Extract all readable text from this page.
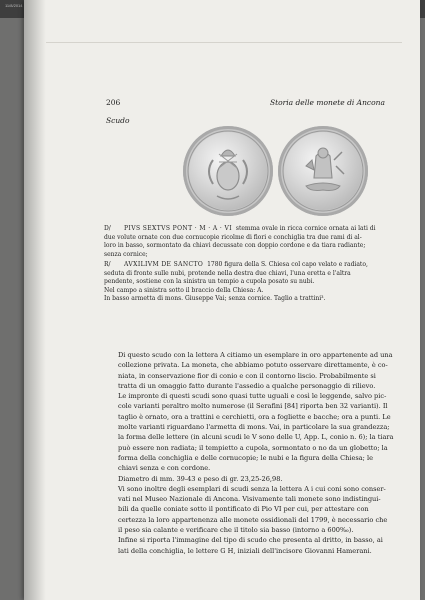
11/8/2014
206	Storia delle monete di Ancona
Scudo
D/ PIVS SEXTVS PONT · M · A · VI stemma ovale in ricca cornice ornata ai lati di
due volute ornate con due cornucopie ricolme di fiori e conchiglia tra due rami di al-
loro in basso, sormontato da chiavi decussate con doppio cordone e da tiara radiante;
senza cornice;
R/ AVXILIVM DE SANCTO 1780 figura della S. Chiesa col capo velato e radiato,
seduta di fronte sulle nubi, protende nella destra due chiavi, l'una eretta e l'altra
pendente, sostiene con la sinistra un tempio a cupola posato su nubi.
Nel campo a sinistra sotto il braccio della Chiesa: A.
In basso armetta di mons. Giuseppe Vai; senza cornice. Taglio a trattini³.

Di questo scudo con la lettera A citiamo un esemplare in oro appartenente ad una

collezione privata. La moneta, che abbiamo potuto osservare direttamente, è co-

niata, in conservazione fior di conio e con il contorno liscio. Probabilmente si

tratta di un omaggio fatto durante l'assedio a qualche personaggio di rilievo.

Le impronte di questi scudi sono quasi tutte uguali e così le leggende, salvo pic-

cole varianti peraltro molto numerose (il Serafini [84] riporta ben 32 varianti). Il

taglio è ornato, ora a trattini e cerchietti, ora a fogliette e bacche; ora a punti. Le

molte varianti riguardano l'armetta di mons. Vai, in particolare la sua grandezza;

la forma delle lettere (in alcuni scudi le V sono delle U, App. L, conio n. 6); la tiara

può essere non radiata; il tempietto a cupola, sormontato o no da un globetto; la

forma della conchiglia e delle cornucopie; le nubi e la figura della Chiesa; le

chiavi senza e con cordone.

Diametro di mm. 39-43 e peso di gr. 23,25-26,98.

Vi sono inoltre degli esemplari di scudi senza la lettera A i cui coni sono conser-

vati nel Museo Nazionale di Ancona. Visivamente tali monete sono indistingui-

bili da quelle coniate sotto il pontificato di Pio VI per cui, per attestare con

certezza la loro appartenenza alle monete ossidionali del 1799, è necessario che

il peso sia calante e verificare che il titolo sia basso (intorno a 600‰).

Infine si riporta l'immagine del tipo di scudo che presenta al dritto, in basso, ai

lati della conchiglia, le lettere G H, iniziali dell'incisore Giovanni Hamerani.
